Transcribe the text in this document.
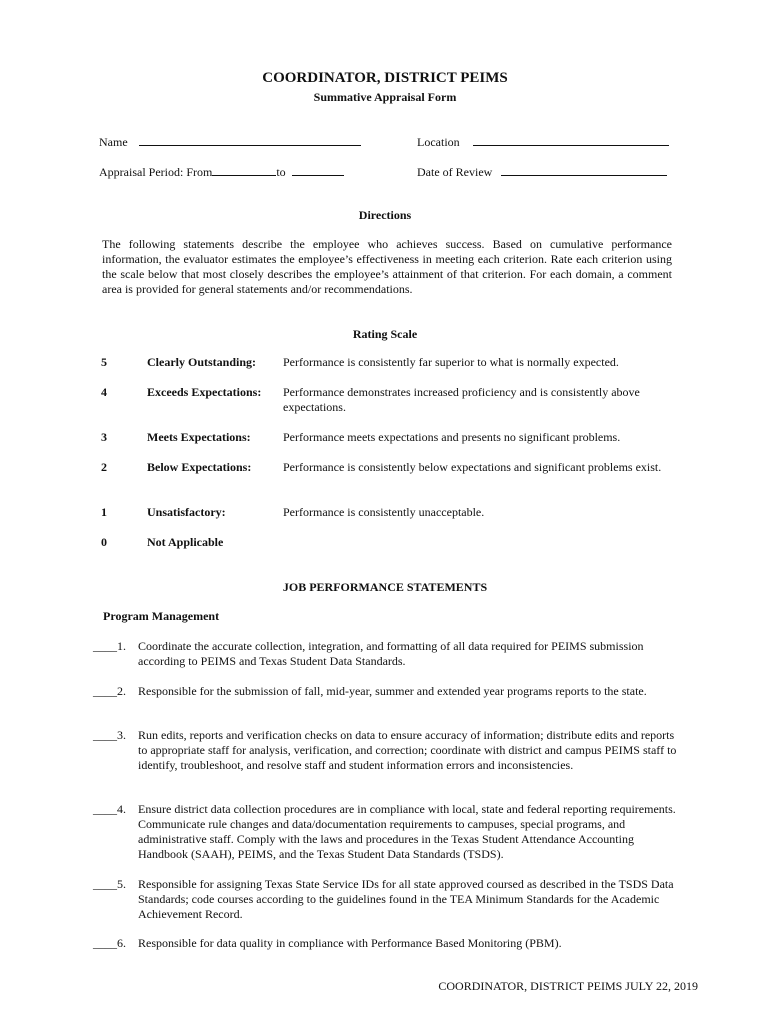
COORDINATOR, DISTRICT PEIMS
Summative Appraisal Form
Name	Location
Appraisal Period: From	to	Date of Review
Directions
The following statements describe the employee who achieves success. Based on cumulative performance information, the evaluator estimates the employee’s effectiveness in meeting each criterion. Rate each criterion using the scale below that most closely describes the employee’s attainment of that criterion. For each domain, a comment area is provided for general statements and/or recommendations.
Rating Scale
5	Clearly Outstanding: Performance is consistently far superior to what is normally expected.
4	Exceeds Expectations: Performance demonstrates increased proficiency and is consistently above expectations.
3	Meets Expectations:	Performance meets expectations and presents no significant problems.
2	Below Expectations:	Performance is consistently below expectations and significant problems exist.
1	Unsatisfactory:	Performance is consistently unacceptable.
0	Not Applicable
JOB PERFORMANCE STATEMENTS
Program Management
____1. Coordinate the accurate collection, integration, and formatting of all data required for PEIMS submission according to PEIMS and Texas Student Data Standards.
____2. Responsible for the submission of fall, mid-year, summer and extended year programs reports to the state.
____3. Run edits, reports and verification checks on data to ensure accuracy of information; distribute edits and reports to appropriate staff for analysis, verification, and correction; coordinate with district and campus PEIMS staff to identify, troubleshoot, and resolve staff and student information errors and inconsistencies.
____4. Ensure district data collection procedures are in compliance with local, state and federal reporting requirements. Communicate rule changes and data/documentation requirements to campuses, special programs, and administrative staff. Comply with the laws and procedures in the Texas Student Attendance Accounting Handbook (SAAH), PEIMS, and the Texas Student Data Standards (TSDS).
____5. Responsible for assigning Texas State Service IDs for all state approved coursed as described in the TSDS Data Standards; code courses according to the guidelines found in the TEA Minimum Standards for the Academic Achievement Record.
____6. Responsible for data quality in compliance with Performance Based Monitoring (PBM).
COORDINATOR, DISTRICT PEIMS JULY 22, 2019
